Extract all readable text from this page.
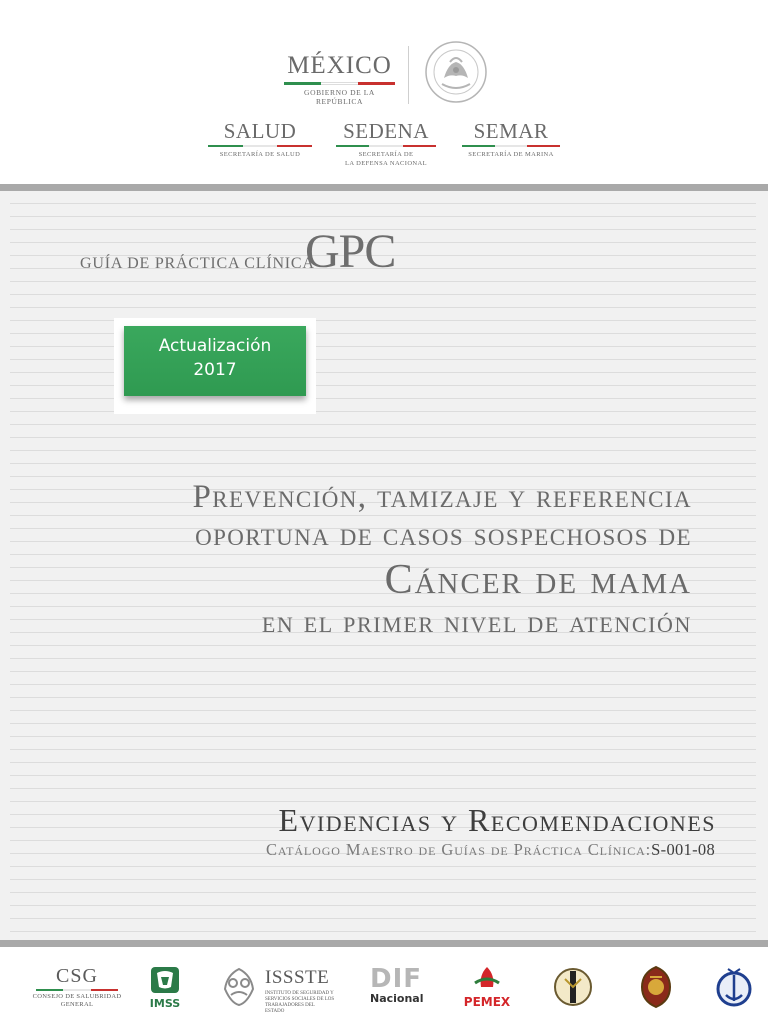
MÉXICO
GOBIERNO DE LA REPÚBLICA
SALUD
SECRETARÍA DE SALUD
SEDENA
SECRETARÍA DE
LA DEFENSA NACIONAL
SEMAR
SECRETARÍA DE MARINA
GUÍA DE PRÁCTICA CLÍNICA
GPC
Actualización
2017
Prevención, tamizaje y referencia
oportuna de casos sospechosos de
Cáncer de mama
en el primer nivel de atención
Evidencias y Recomendaciones
Catálogo Maestro de Guías de Práctica Clínica:S-001-08
CSG
CONSEJO DE SALUBRIDAD
GENERAL	IMSS
ISSSTE
INSTITUTO DE SEGURIDAD Y SERVICIOS SOCIALES DE LOS TRABAJADORES DEL ESTADO
DIF
Nacional	PEMEX
